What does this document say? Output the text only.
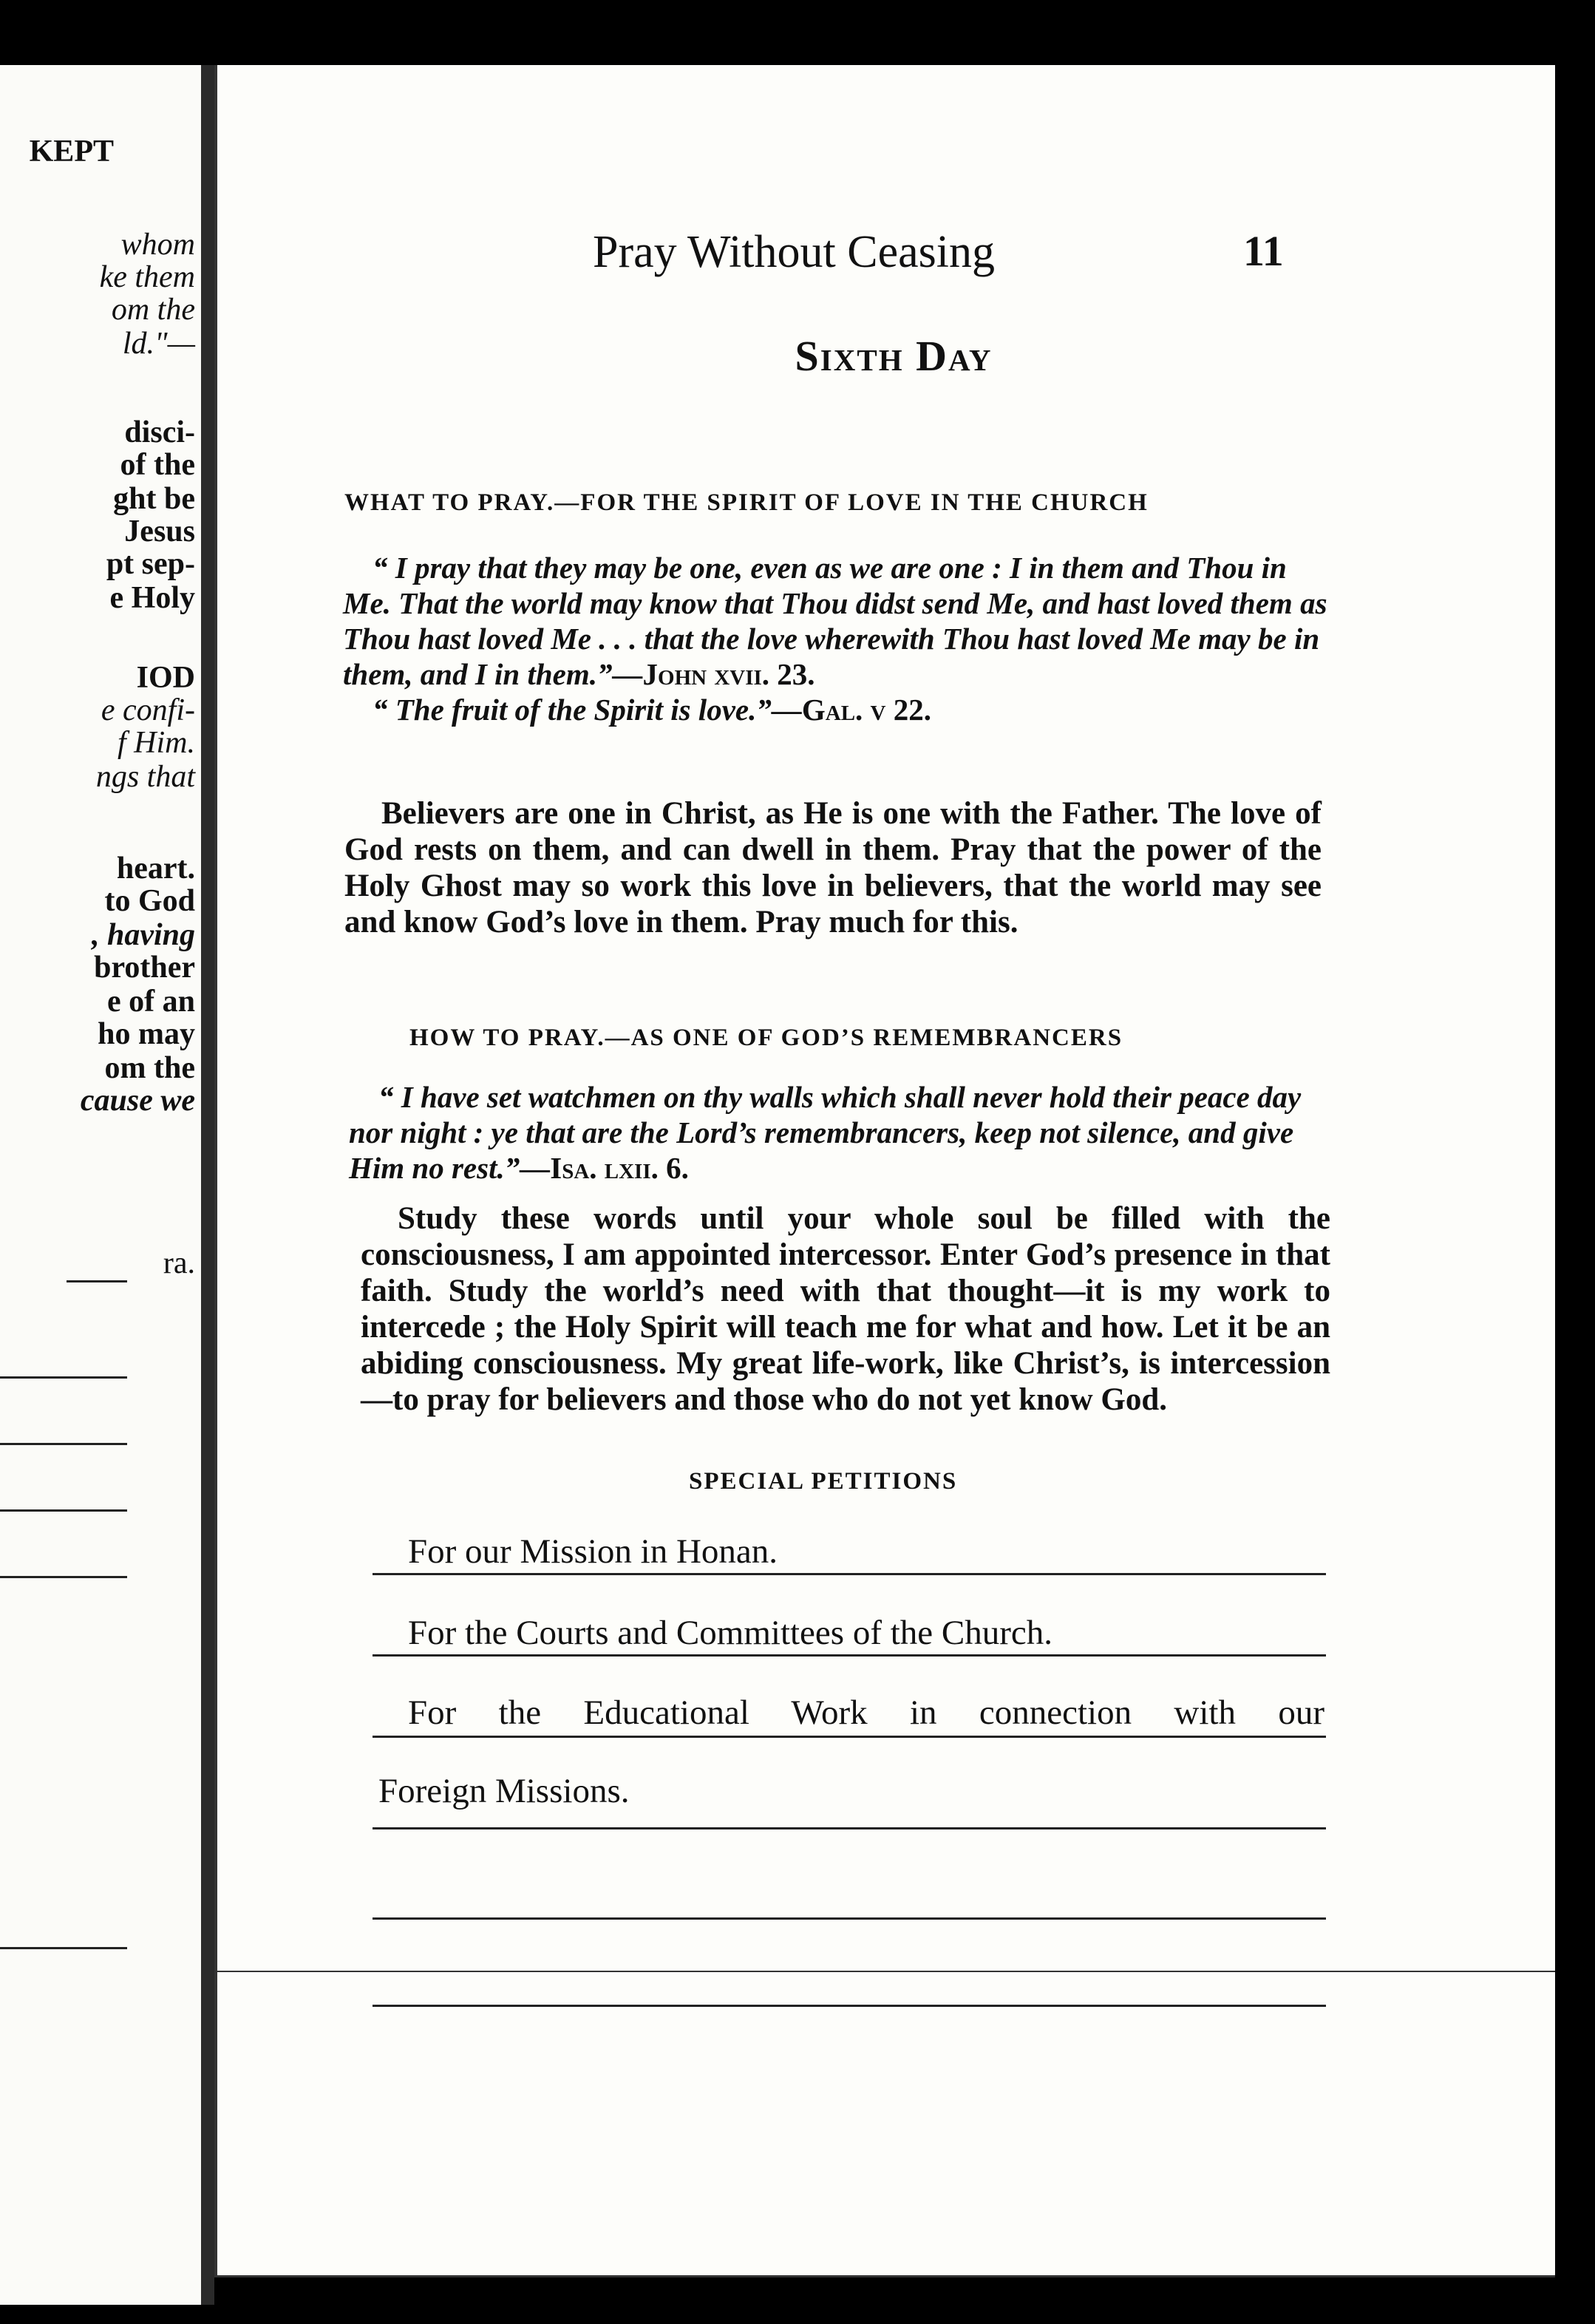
KEPT
whom
ke them
om the
ld."—
disci-
of the
ght be
Jesus
pt sep-
e Holy
IOD
e confi-
f Him.
ngs that
heart.
to God
, having
brother
e of an
ho may
om the
cause we
ra.
Pray Without Ceasing	11
Sixth Day
WHAT TO PRAY.—FOR THE SPIRIT OF LOVE IN THE CHURCH
“ I pray that they may be one, even as we are one : I in them and Thou in Me. That the world may know that Thou didst send Me, and hast loved them as Thou hast loved Me . . . that the love wherewith Thou hast loved Me may be in them, and I in them.”—John xvii. 23.
“ The fruit of the Spirit is love.”—Gal. v 22.
Believers are one in Christ, as He is one with the Father. The love of God rests on them, and can dwell in them. Pray that the power of the Holy Ghost may so work this love in believers, that the world may see and know God’s love in them. Pray much for this.
HOW TO PRAY.—AS ONE OF GOD’S REMEMBRANCERS
“ I have set watchmen on thy walls which shall never hold their peace day nor night : ye that are the Lord’s remembrancers, keep not silence, and give Him no rest.”—Isa. lxii. 6.
Study these words until your whole soul be filled with the consciousness, I am appointed intercessor. Enter God’s presence in that faith. Study the world’s need with that thought—it is my work to intercede ; the Holy Spirit will teach me for what and how. Let it be an abiding consciousness. My great life-work, like Christ’s, is intercession—to pray for believers and those who do not yet know God.
SPECIAL PETITIONS
For our Mission in Honan.
For the Courts and Committees of the Church.
For the Educational Work in connection with our
Foreign Missions.
